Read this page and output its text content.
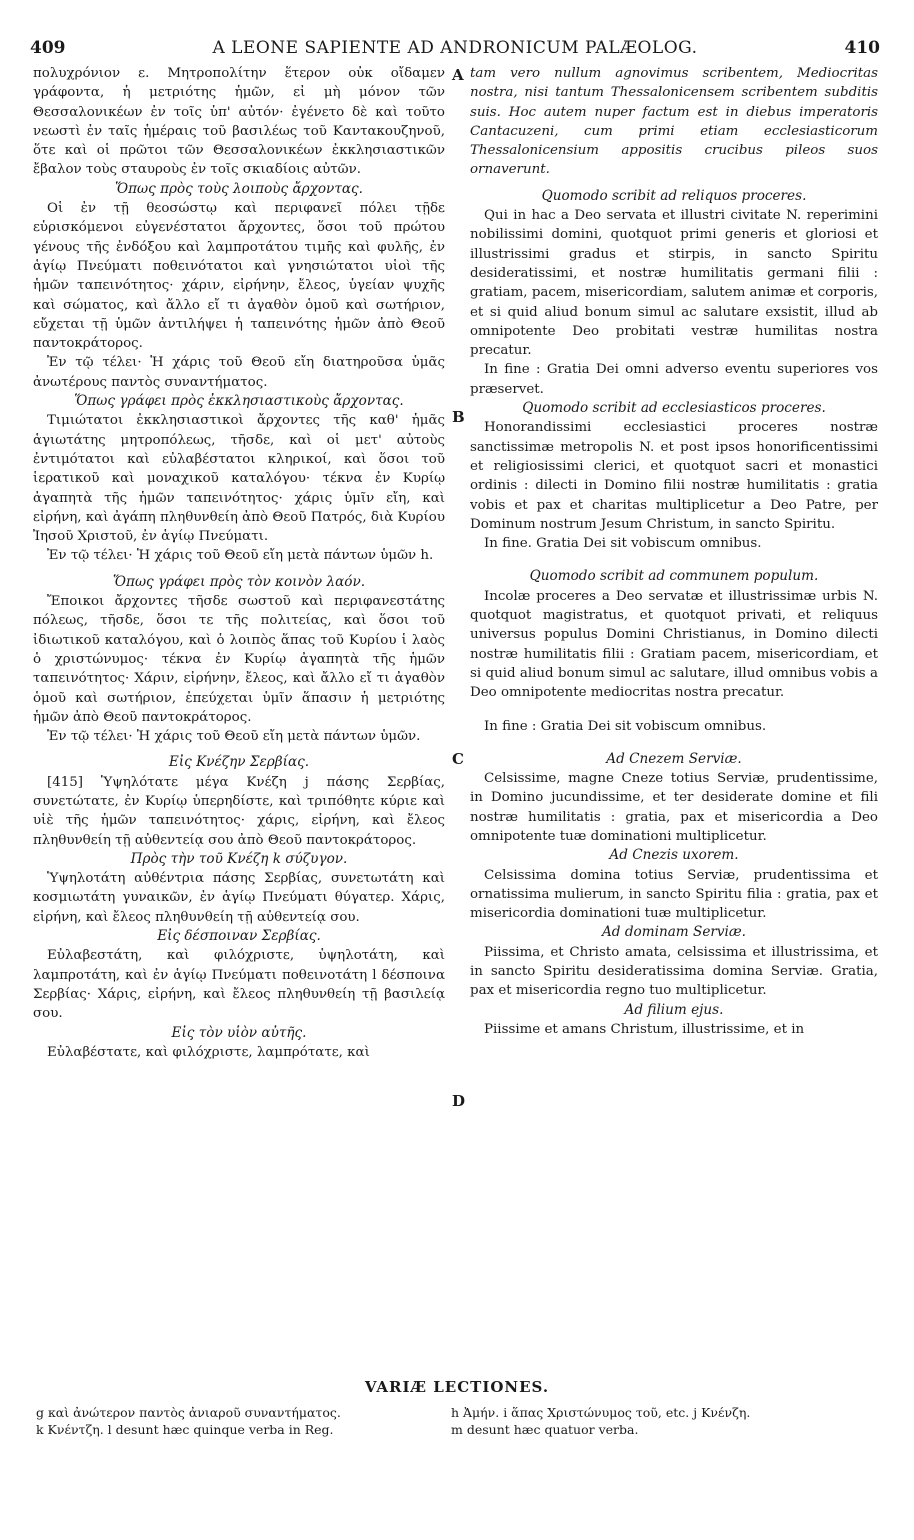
409	A LEONE SAPIENTE AD ANDRONICUM PALÆOLOG.	410
A
B
C
D

πολυχρόνιον ε. Μητροπολίτην ἕτερον οὐκ οἴδαμεν γράφοντα, ἡ μετριότης ἡμῶν, εἰ μὴ μόνον τῶν Θεσσαλονικέων ἐν τοῖς ὑπ' αὐτόν· ἐγένετο δὲ καὶ τοῦτο νεωστὶ ἐν ταῖς ἡμέραις τοῦ βασιλέως τοῦ Καντακουζηνοῦ, ὅτε καὶ οἱ πρῶτοι τῶν Θεσσαλονικέων ἐκκλησιαστικῶν ἔβαλον τοὺς σταυροὺς ἐν τοῖς σκιαδίοις αὐτῶν.

Ὅπως πρὸς τοὺς λοιποὺς ἄρχοντας.

Οἱ ἐν τῇ θεοσώστῳ καὶ περιφανεῖ πόλει τῇδε εὑρισκόμενοι εὐγενέστατοι ἄρχοντες, ὅσοι τοῦ πρώτου γένους τῆς ἐνδόξου καὶ λαμπροτάτου τιμῆς καὶ φυλῆς, ἐν ἁγίῳ Πνεύματι ποθεινότατοι καὶ γνησιώτατοι υἱοὶ τῆς ἡμῶν ταπεινότητος· χάριν, εἰρήνην, ἔλεος, ὑγείαν ψυχῆς καὶ σώματος, καὶ ἄλλο εἴ τι ἀγαθὸν ὁμοῦ καὶ σωτήριον, εὔχεται τῇ ὑμῶν ἀντιλήψει ἡ ταπεινότης ἡμῶν ἀπὸ Θεοῦ παντοκράτορος.

Ἐν τῷ τέλει· Ἡ χάρις τοῦ Θεοῦ εἴη διατηροῦσα ὑμᾶς ἀνωτέρους παντὸς συναντήματος.

Ὅπως γράφει πρὸς ἐκκλησιαστικοὺς ἄρχοντας.

Τιμιώτατοι ἐκκλησιαστικοὶ ἄρχοντες τῆς καθ' ἡμᾶς ἁγιωτάτης μητροπόλεως, τῆσδε, καὶ οἱ μετ' αὐτοὺς ἐντιμότατοι καὶ εὐλαβέστατοι κληρικοί, καὶ ὅσοι τοῦ ἱερατικοῦ καὶ μοναχικοῦ καταλόγου· τέκνα ἐν Κυρίῳ ἀγαπητὰ τῆς ἡμῶν ταπεινότητος· χάρις ὑμῖν εἴη, καὶ εἰρήνη, καὶ ἀγάπη πληθυνθείη ἀπὸ Θεοῦ Πατρός, διὰ Κυρίου Ἰησοῦ Χριστοῦ, ἐν ἁγίῳ Πνεύματι.

Ἐν τῷ τέλει· Ἡ χάρις τοῦ Θεοῦ εἴη μετὰ πάντων ὑμῶν h.

Ὅπως γράφει πρὸς τὸν κοινὸν λαόν.

Ἔποικοι ἄρχοντες τῆσδε σωστοῦ καὶ περιφανεστάτης πόλεως, τῆσδε, ὅσοι τε τῆς πολιτείας, καὶ ὅσοι τοῦ ἰδιωτικοῦ καταλόγου, καὶ ὁ λοιπὸς ἅπας τοῦ Κυρίου ἱ λαὸς ὁ χριστώνυμος· τέκνα ἐν Κυρίῳ ἀγαπητὰ τῆς ἡμῶν ταπεινότητος· Χάριν, εἰρήνην, ἔλεος, καὶ ἄλλο εἴ τι ἀγαθὸν ὁμοῦ καὶ σωτήριον, ἐπεύχεται ὑμῖν ἅπασιν ἡ μετριότης ἡμῶν ἀπὸ Θεοῦ παντοκράτορος.

Ἐν τῷ τέλει· Ἡ χάρις τοῦ Θεοῦ εἴη μετὰ πάντων ὑμῶν.

Εἰς Κνέζην Σερβίας.

[415] Ὑψηλότατε μέγα Κνέζη j πάσης Σερβίας, συνετώτατε, ἐν Κυρίῳ ὑπερηδίστε, καὶ τριπόθητε κύριε καὶ υἱὲ τῆς ἡμῶν ταπεινότητος· χάρις, εἰρήνη, καὶ ἔλεος πληθυνθείη τῇ αὐθεντείᾳ σου ἀπὸ Θεοῦ παντοκράτορος.

Πρὸς τὴν τοῦ Κνέζη k σύζυγον.

Ὑψηλοτάτη αὐθέντρια πάσης Σερβίας, συνετωτάτη καὶ κοσμιωτάτη γυναικῶν, ἐν ἁγίῳ Πνεύματι θύγατερ. Χάρις, εἰρήνη, καὶ ἔλεος πληθυνθείη τῇ αὐθεντείᾳ σου.

Εἰς δέσποιναν Σερβίας.

Εὐλαβεστάτη, καὶ φιλόχριστε, ὑψηλοτάτη, καὶ λαμπροτάτη, καὶ ἐν ἁγίῳ Πνεύματι ποθεινοτάτη l δέσποινα Σερβίας· Χάρις, εἰρήνη, καὶ ἔλεος πληθυνθείη τῇ βασιλείᾳ σου.

Εἰς τὸν υἱὸν αὐτῆς.

Εὐλαβέστατε, καὶ φιλόχριστε, λαμπρότατε, καὶ

tam vero nullum agnovimus scribentem, Mediocritas nostra, nisi tantum Thessalonicensem scribentem subditis suis. Hoc autem nuper factum est in diebus imperatoris Cantacuzeni, cum primi etiam ecclesiasticorum Thessalonicensium appositis crucibus pileos suos ornaverunt.

Quomodo scribit ad reliquos proceres.

Qui in hac a Deo servata et illustri civitate N. reperimini nobilissimi domini, quotquot primi generis et gloriosi et illustrissimi gradus et stirpis, in sancto Spiritu desideratissimi, et nostræ humilitatis germani filii : gratiam, pacem, misericordiam, salutem animæ et corporis, et si quid aliud bonum simul ac salutare exsistit, illud ab omnipotente Deo probitati vestræ humilitas nostra precatur.

In fine : Gratia Dei omni adverso eventu superiores vos præservet.

Quomodo scribit ad ecclesiasticos proceres.

Honorandissimi ecclesiastici proceres nostræ sanctissimæ metropolis N. et post ipsos honorificentissimi et religiosissimi clerici, et quotquot sacri et monastici ordinis : dilecti in Domino filii nostræ humilitatis : gratia vobis et pax et charitas multiplicetur a Deo Patre, per Dominum nostrum Jesum Christum, in sancto Spiritu.

In fine. Gratia Dei sit vobiscum omnibus.

Quomodo scribit ad communem populum.

Incolæ proceres a Deo servatæ et illustrissimæ urbis N. quotquot magistratus, et quotquot privati, et reliquus universus populus Domini Christianus, in Domino dilecti nostræ humilitatis filii : Gratiam pacem, misericordiam, et si quid aliud bonum simul ac salutare, illud omnibus vobis a Deo omnipotente mediocritas nostra precatur.

In fine : Gratia Dei sit vobiscum omnibus.

Ad Cnezem Serviæ.

Celsissime, magne Cneze totius Serviæ, prudentissime, in Domino jucundissime, et ter desiderate domine et fili nostræ humilitatis : gratia, pax et misericordia a Deo omnipotente tuæ dominationi multiplicetur.

Ad Cnezis uxorem.

Celsissima domina totius Serviæ, prudentissima et ornatissima mulierum, in sancto Spiritu filia : gratia, pax et misericordia dominationi tuæ multiplicetur.

Ad dominam Serviæ.

Piissima, et Christo amata, celsissima et illustrissima, et in sancto Spiritu desideratissima domina Serviæ. Gratia, pax et misericordia regno tuo multiplicetur.

Ad filium ejus.

Piissime et amans Christum, illustrissime, et in

VARIÆ LECTIONES.
g καὶ ἀνώτερον παντὸς ἀνιαροῦ συναντήματος.	h Ἀμήν. i ἅπας Χριστώνυμος τοῦ, etc. j Κνένζη.
k Κνέντζη. l desunt hæc quinque verba in Reg.	m desunt hæc quatuor verba.
